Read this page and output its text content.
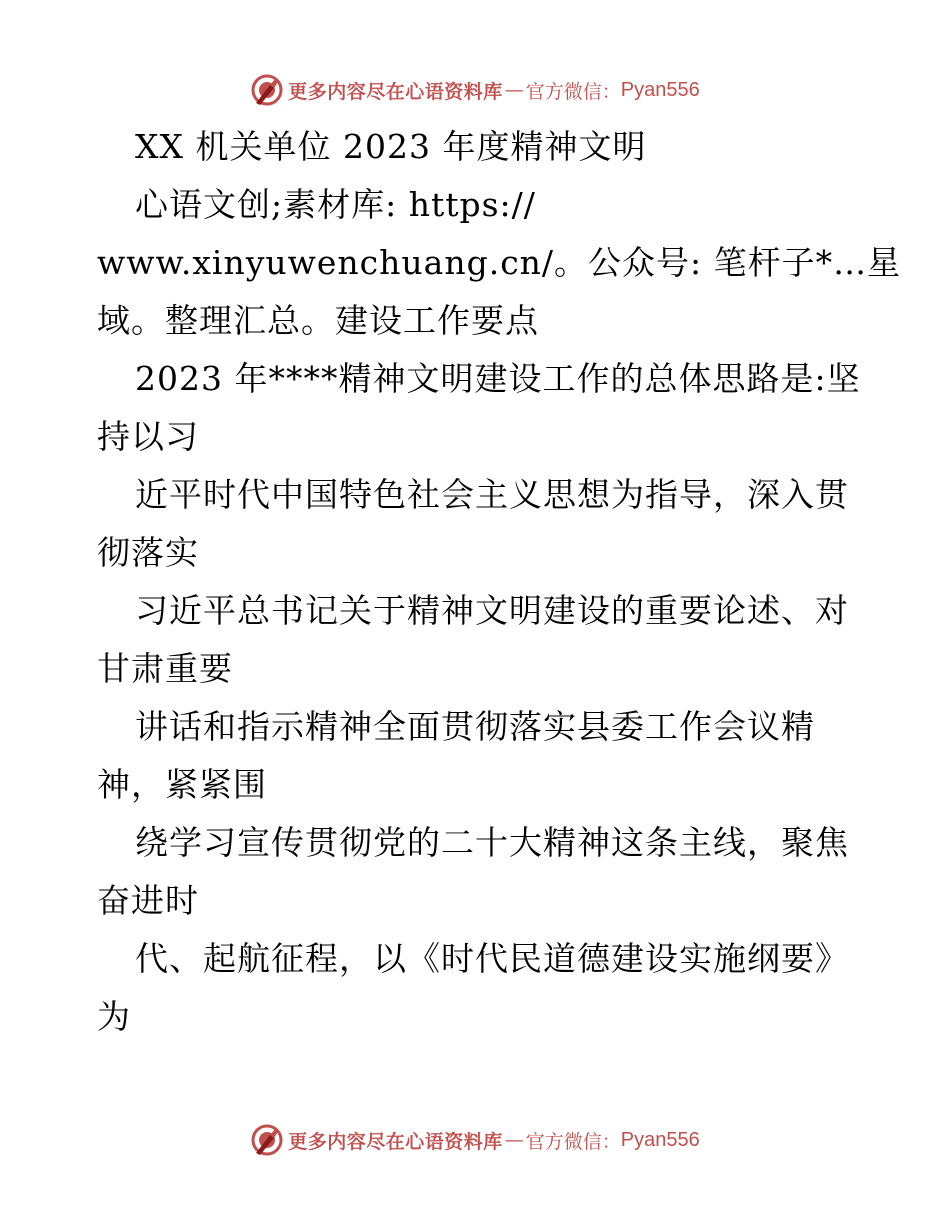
更多内容尽在心语资料库 — 官方微信： Pyan556
XX 机关单位 2023 年度精神文明
心语文创;素材库: https://
www.xinyuwenchuang.cn/。公众号: 笔杆子*…星
域。整理汇总。建设工作要点
2023 年****精神文明建设工作的总体思路是:坚
持以习
近平时代中国特色社会主义思想为指导，深入贯
彻落实
习近平总书记关于精神文明建设的重要论述、对
甘肃重要
讲话和指示精神全面贯彻落实县委工作会议精
神，紧紧围
绕学习宣传贯彻党的二十大精神这条主线，聚焦
奋进时
代、起航征程，以《时代民道德建设实施纲要》
为
更多内容尽在心语资料库 — 官方微信： Pyan556
